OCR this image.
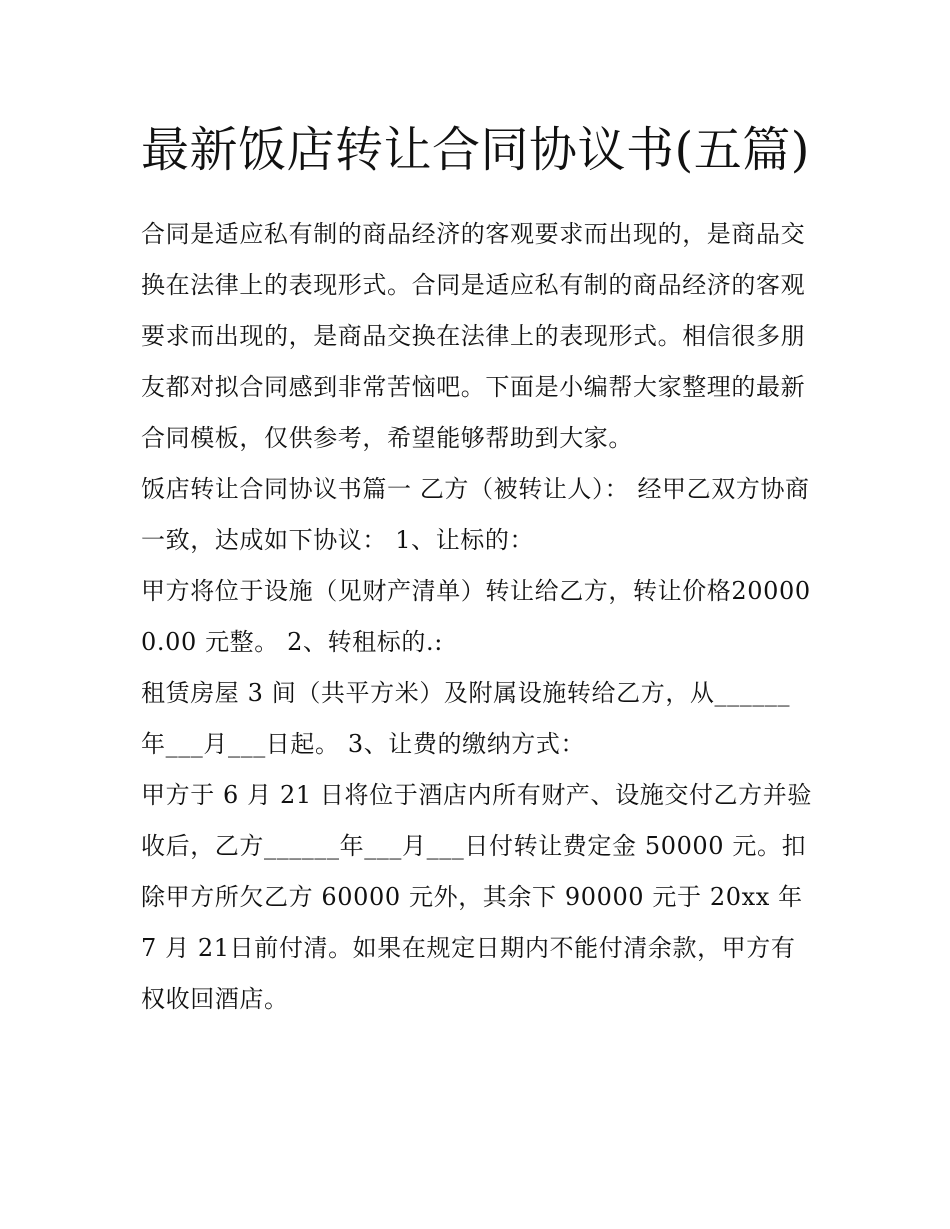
最新饭店转让合同协议书(五篇)

合同是适应私有制的商品经济的客观要求而出现的，是商品交换在法律上的表现形式。合同是适应私有制的商品经济的客观要求而出现的，是商品交换在法律上的表现形式。相信很多朋友都对拟合同感到非常苦恼吧。下面是小编帮大家整理的最新合同模板，仅供参考，希望能够帮助到大家。

饭店转让合同协议书篇一 乙方（被转让人）： 经甲乙双方协商一致，达成如下协议： 1、让标的：

甲方将位于设施（见财产清单）转让给乙方，转让价格200000.00 元整。 2、转租标的.:

租赁房屋 3 间（共平方米）及附属设施转给乙方，从______年___月___日起。 3、让费的缴纳方式：

甲方于 6 月 21 日将位于酒店内所有财产、设施交付乙方并验收后，乙方______年___月___日付转让费定金 50000 元。扣除甲方所欠乙方 60000 元外，其余下 90000 元于 20xx 年 7 月 21日前付清。如果在规定日期内不能付清余款，甲方有权收回酒店。
